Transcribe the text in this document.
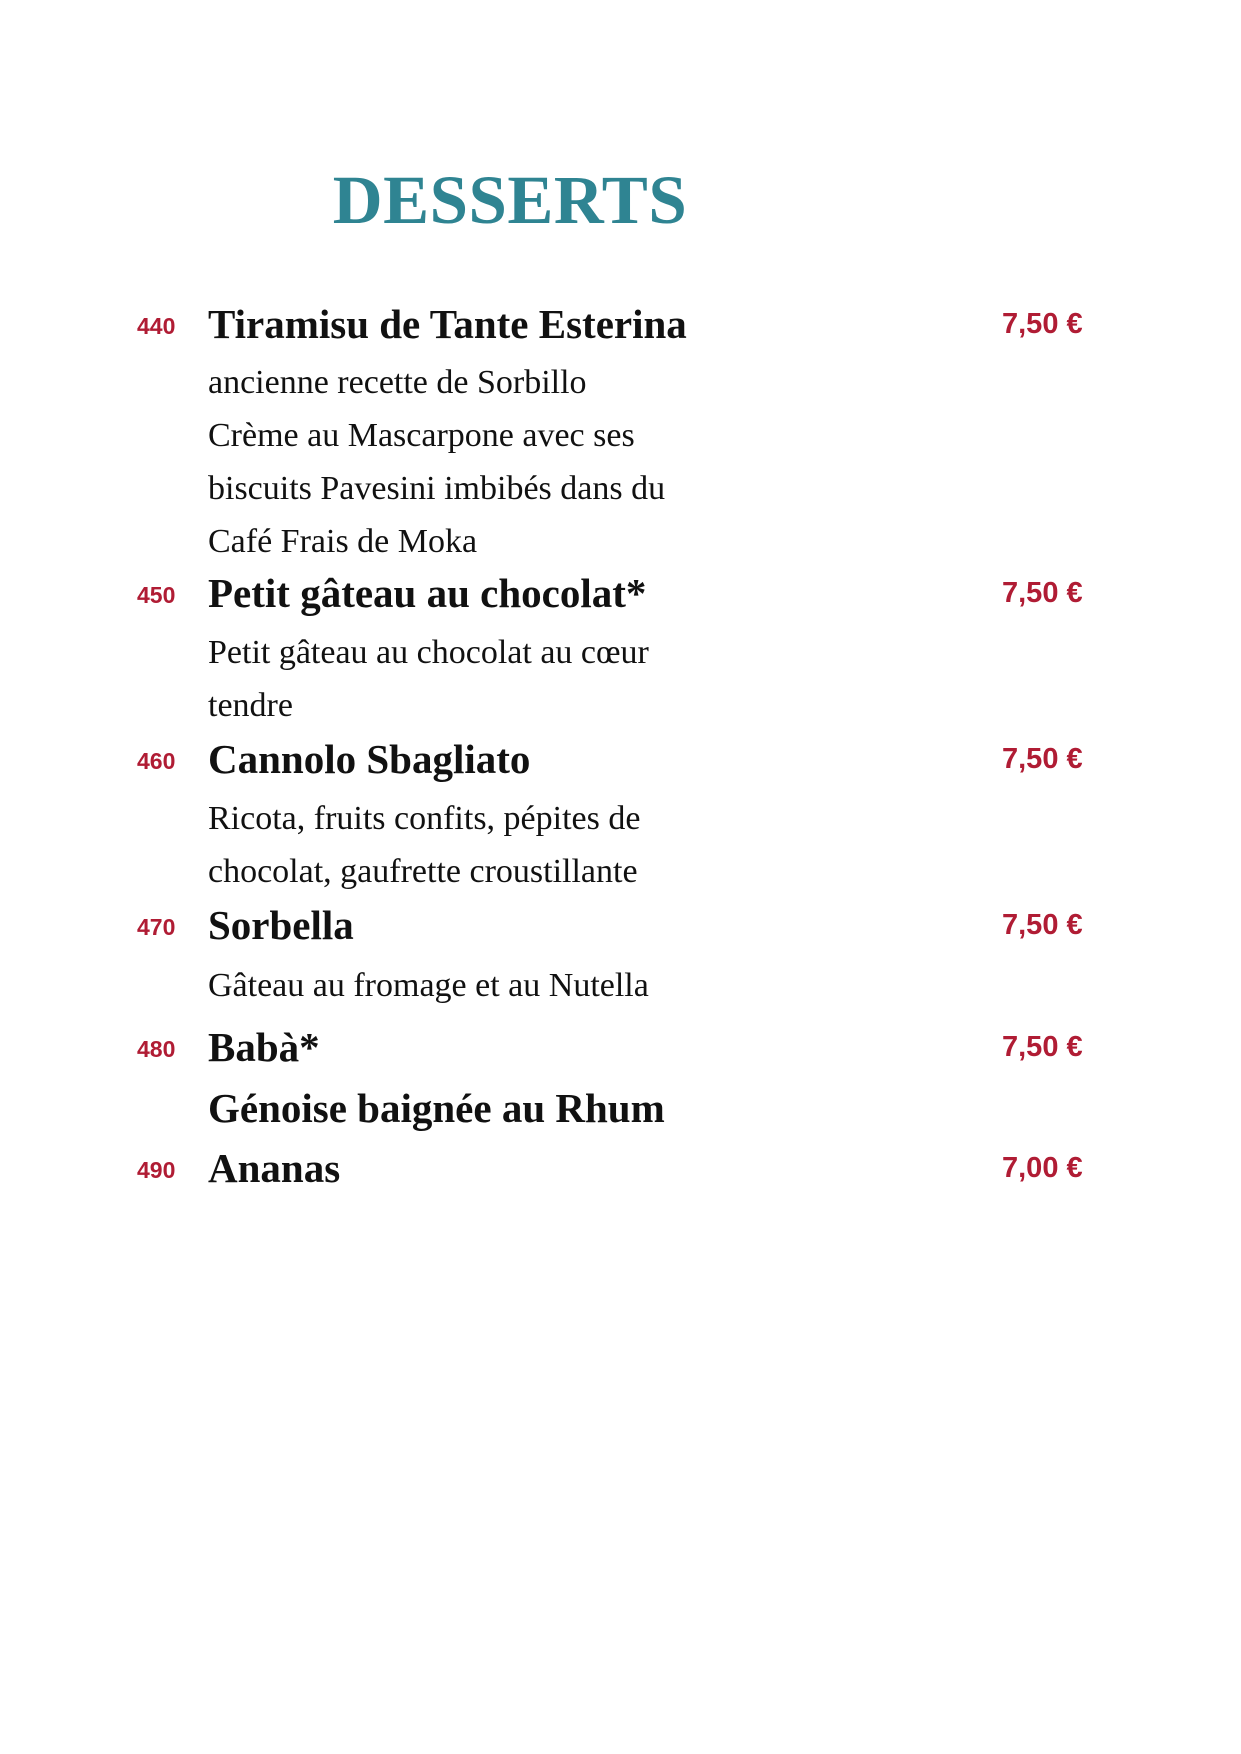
DESSERTS
440 Tiramisu de Tante Esterina	7,50 €
ancienne recette de Sorbillo
Crème au Mascarpone avec ses
biscuits Pavesini imbibés dans du
Café Frais de Moka
450 Petit gâteau au chocolat*	7,50 €
Petit gâteau au chocolat au cœur
tendre
460 Cannolo Sbagliato	7,50 €
Ricota, fruits confits, pépites de
chocolat, gaufrette croustillante
470 Sorbella	7,50 €
Gâteau au fromage et au Nutella
480 Babà*	7,50 €
Génoise baignée au Rhum
490 Ananas	7,00 €
